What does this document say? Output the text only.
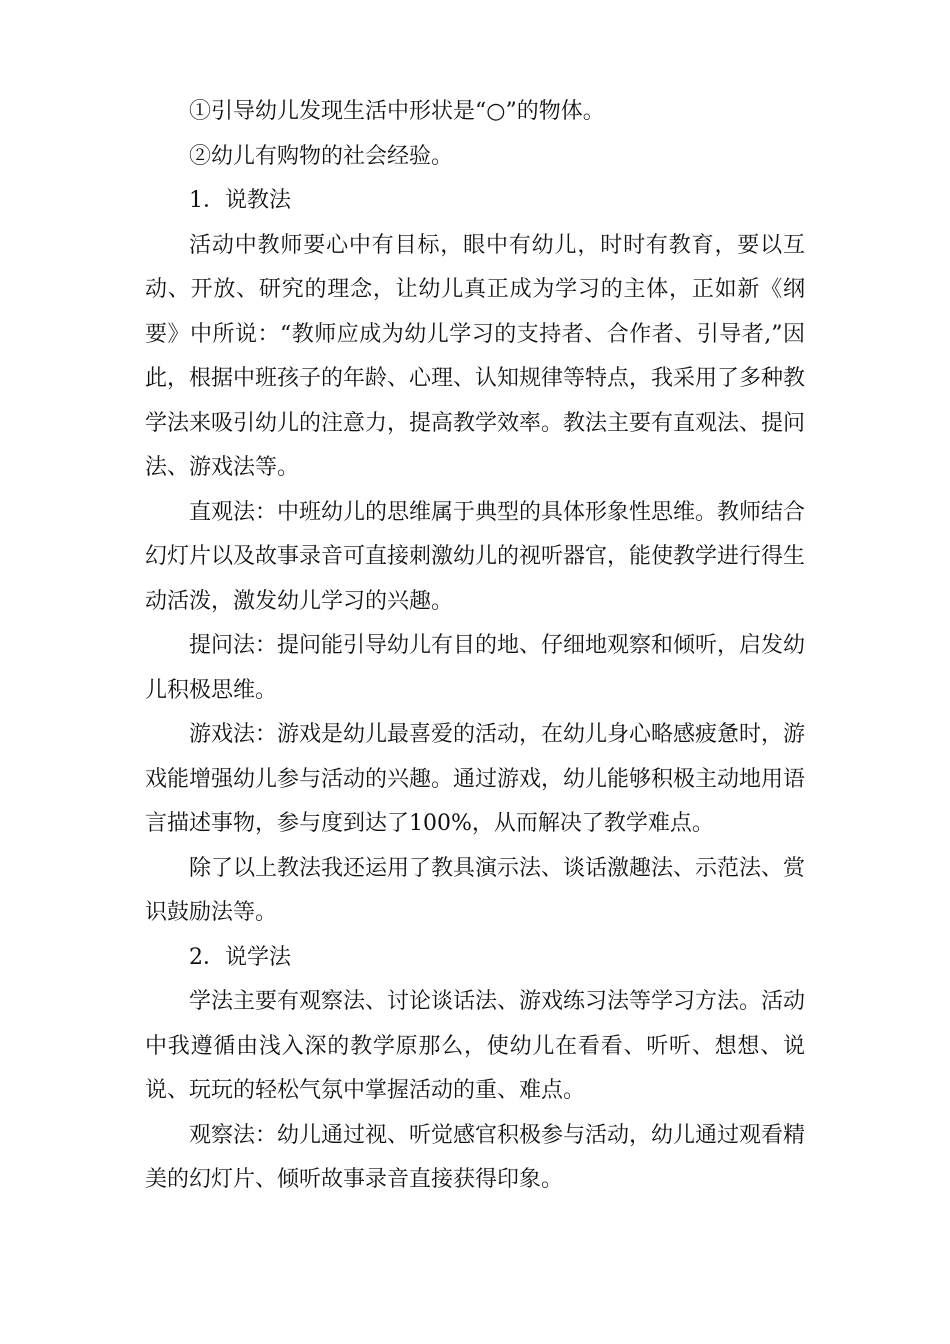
①引导幼儿发现生活中形状是“○”的物体。

②幼儿有购物的社会经验。

1．说教法

活动中教师要心中有目标，眼中有幼儿，时时有教育，要以互动、开放、研究的理念，让幼儿真正成为学习的主体，正如新《纲要》中所说：“教师应成为幼儿学习的支持者、合作者、引导者,”因此，根据中班孩子的年龄、心理、认知规律等特点，我采用了多种教学法来吸引幼儿的注意力，提高教学效率。教法主要有直观法、提问法、游戏法等。

直观法：中班幼儿的思维属于典型的具体形象性思维。教师结合幻灯片以及故事录音可直接刺激幼儿的视听器官，能使教学进行得生动活泼，激发幼儿学习的兴趣。

提问法：提问能引导幼儿有目的地、仔细地观察和倾听，启发幼儿积极思维。

游戏法：游戏是幼儿最喜爱的活动，在幼儿身心略感疲惫时，游戏能增强幼儿参与活动的兴趣。通过游戏，幼儿能够积极主动地用语言描述事物，参与度到达了100%，从而解决了教学难点。

除了以上教法我还运用了教具演示法、谈话激趣法、示范法、赏识鼓励法等。

2．说学法

学法主要有观察法、讨论谈话法、游戏练习法等学习方法。活动中我遵循由浅入深的教学原那么，使幼儿在看看、听听、想想、说说、玩玩的轻松气氛中掌握活动的重、难点。

观察法：幼儿通过视、听觉感官积极参与活动，幼儿通过观看精美的幻灯片、倾听故事录音直接获得印象。
